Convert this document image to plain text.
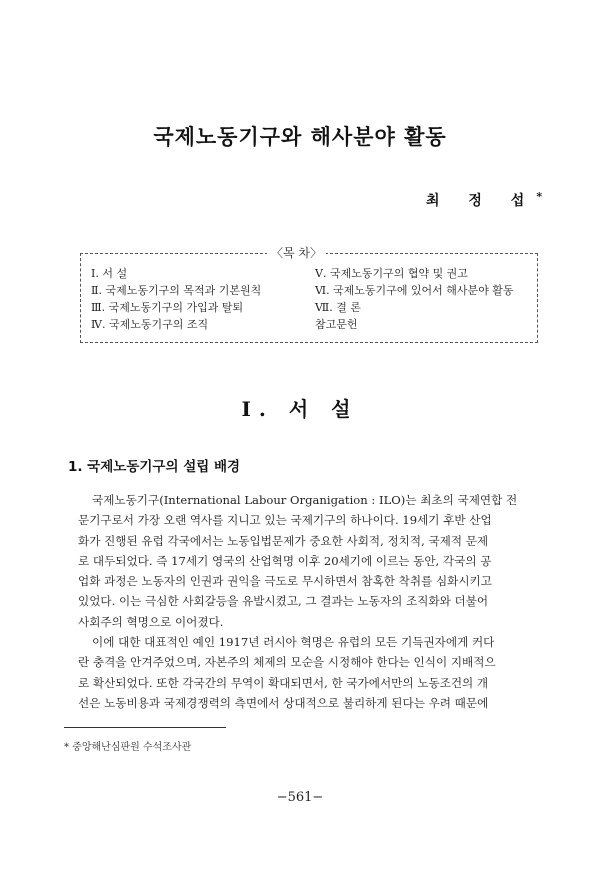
국제노동기구와 해사분야 활동
최 정 섭*
〈목 차〉
Ⅰ. 서 설
Ⅱ. 국제노동기구의 목적과 기본원칙
Ⅲ. 국제노동기구의 가입과 탈퇴
Ⅳ. 국제노동기구의 조직
Ⅴ. 국제노동기구의 협약 및 권고
Ⅵ. 국제노동기구에 있어서 해사분야 활동
Ⅶ. 결 론
참고문헌
Ⅰ. 서 설
1. 국제노동기구의 설립 배경
국제노동기구(International Labour Organigation : ILO)는 최초의 국제연합 전
문기구로서 가장 오랜 역사를 지니고 있는 국제기구의 하나이다. 19세기 후반 산업
화가 진행된 유럽 각국에서는 노동입법문제가 중요한 사회적, 정치적, 국제적 문제
로 대두되었다. 즉 17세기 영국의 산업혁명 이후 20세기에 이르는 동안, 각국의 공
업화 과정은 노동자의 인권과 권익을 극도로 무시하면서 참혹한 착취를 심화시키고
있었다. 이는 극심한 사회갈등을 유발시켰고, 그 결과는 노동자의 조직화와 더불어
사회주의 혁명으로 이어졌다.
이에 대한 대표적인 예인 1917년 러시아 혁명은 유럽의 모든 기득권자에게 커다
란 충격을 안겨주었으며, 자본주의 체제의 모순을 시정해야 한다는 인식이 지배적으
로 확산되었다. 또한 각국간의 무역이 확대되면서, 한 국가에서만의 노동조건의 개
선은 노동비용과 국제경쟁력의 측면에서 상대적으로 불리하게 된다는 우려 때문에
* 중앙해난심판원 수석조사관
−561−
